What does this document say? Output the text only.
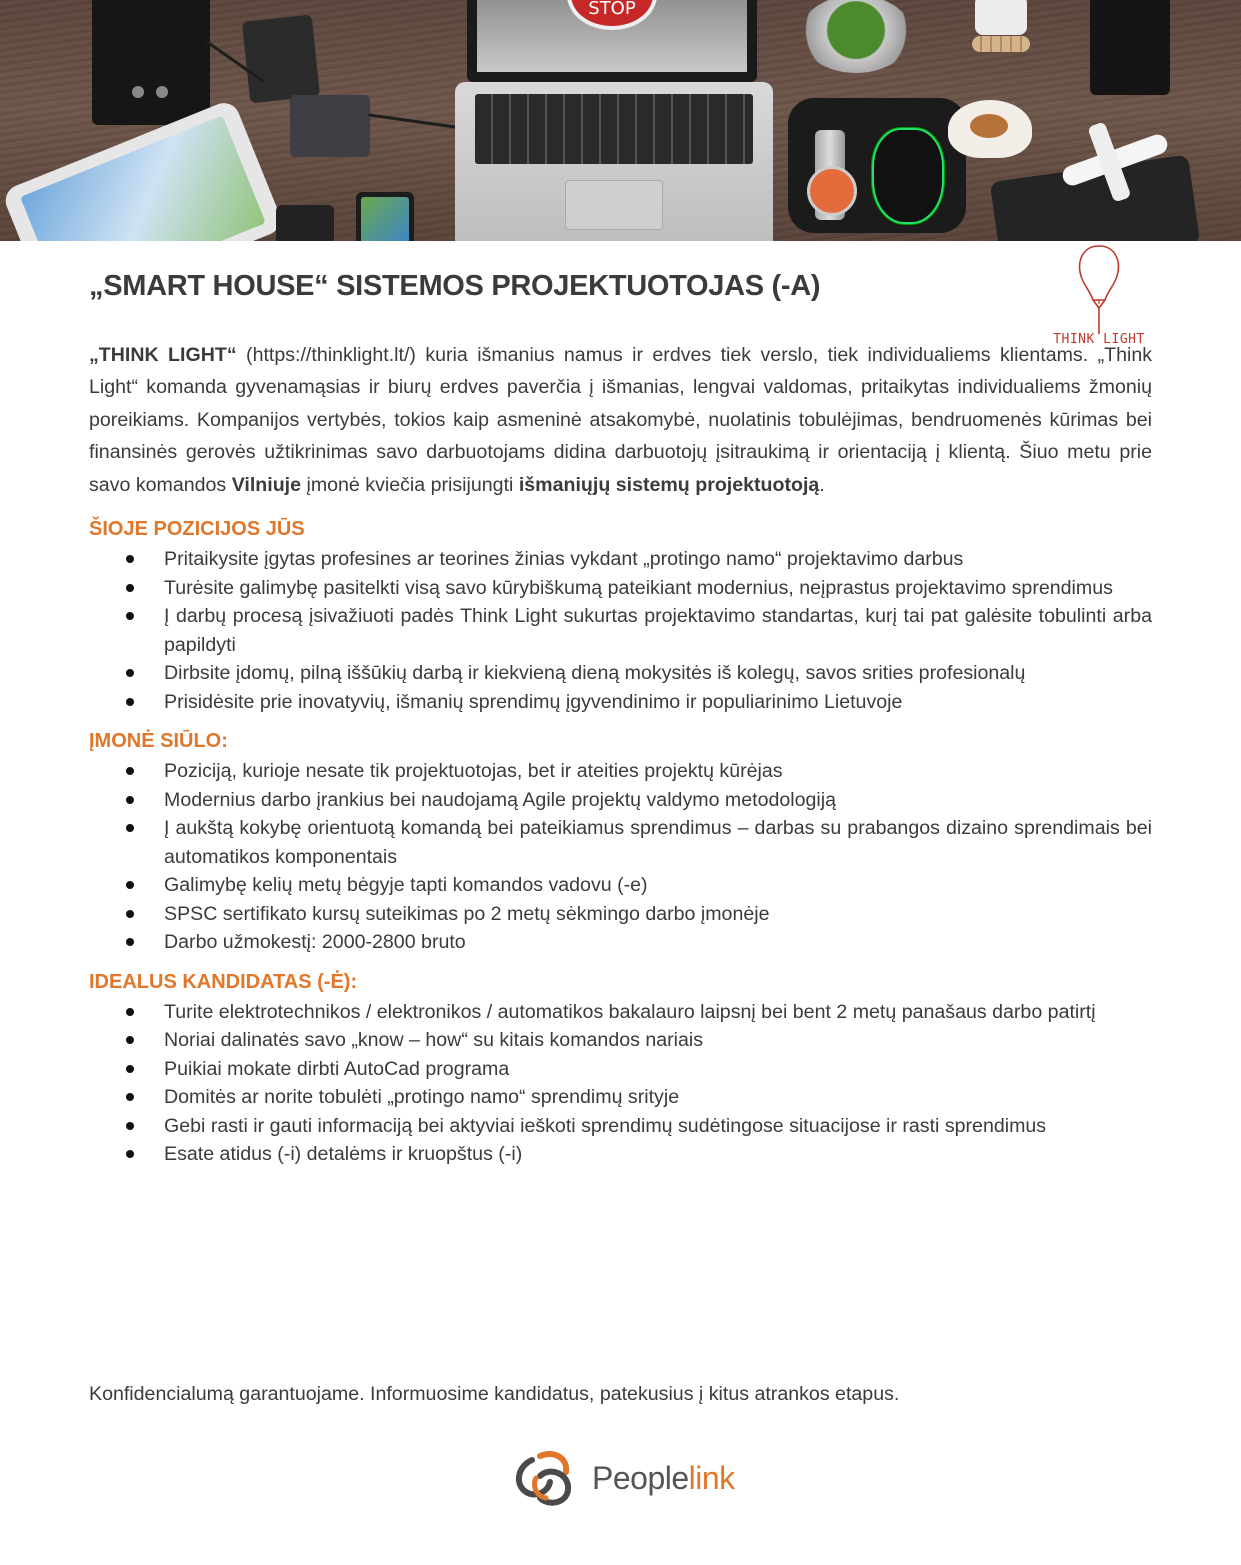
STOP
THINK LIGHT
„SMART HOUSE“ SISTEMOS PROJEKTUOTOJAS (-A)

„THINK LIGHT“ (https://thinklight.lt/) kuria išmanius namus ir erdves tiek verslo, tiek individualiems klientams. „Think Light“ komanda gyvenamąsias ir biurų erdves paverčia į išmanias, lengvai valdomas, pritaikytas individualiems žmonių poreikiams. Kompanijos vertybės, tokios kaip asmeninė atsakomybė, nuolatinis tobulėjimas, bendruomenės kūrimas bei finansinės gerovės užtikrinimas savo darbuotojams didina darbuotojų įsitraukimą ir orientaciją į klientą. Šiuo metu prie savo komandos Vilniuje įmonė kviečia prisijungti išmaniųjų sistemų projektuotoją.

ŠIOJE POZICIJOS JŪS
Pritaikysite įgytas profesines ar teorines žinias vykdant „protingo namo“ projektavimo darbus
Turėsite galimybę pasitelkti visą savo kūrybiškumą pateikiant modernius, neįprastus projektavimo sprendimus
Į darbų procesą įsivažiuoti padės Think Light sukurtas projektavimo standartas, kurį tai pat galėsite tobulinti arba papildyti
Dirbsite įdomų, pilną iššūkių darbą ir kiekvieną dieną mokysitės iš kolegų, savos srities profesionalų
Prisidėsite prie inovatyvių, išmanių sprendimų įgyvendinimo ir populiarinimo Lietuvoje
ĮMONĖ SIŪLO:
Poziciją, kurioje nesate tik projektuotojas, bet ir ateities projektų kūrėjas
Modernius darbo įrankius bei naudojamą Agile projektų valdymo metodologiją
Į aukštą kokybę orientuotą komandą bei pateikiamus sprendimus – darbas su prabangos dizaino sprendimais bei automatikos komponentais
Galimybę kelių metų bėgyje tapti komandos vadovu (-e)
SPSC sertifikato kursų suteikimas po 2 metų sėkmingo darbo įmonėje
Darbo užmokestį: 2000-2800 bruto
IDEALUS KANDIDATAS (-Ė):
Turite elektrotechnikos / elektronikos / automatikos bakalauro laipsnį bei bent 2 metų panašaus darbo patirtį
Noriai dalinatės savo „know – how“ su kitais komandos nariais
Puikiai mokate dirbti AutoCad programa
Domitės ar norite tobulėti „protingo namo“ sprendimų srityje
Gebi rasti ir gauti informaciją bei aktyviai ieškoti sprendimų sudėtingose situacijose ir rasti sprendimus
Esate atidus (-i) detalėms ir kruopštus (-i)
Konfidencialumą garantuojame. Informuosime kandidatus, patekusius į kitus atrankos etapus.
Peoplelink
